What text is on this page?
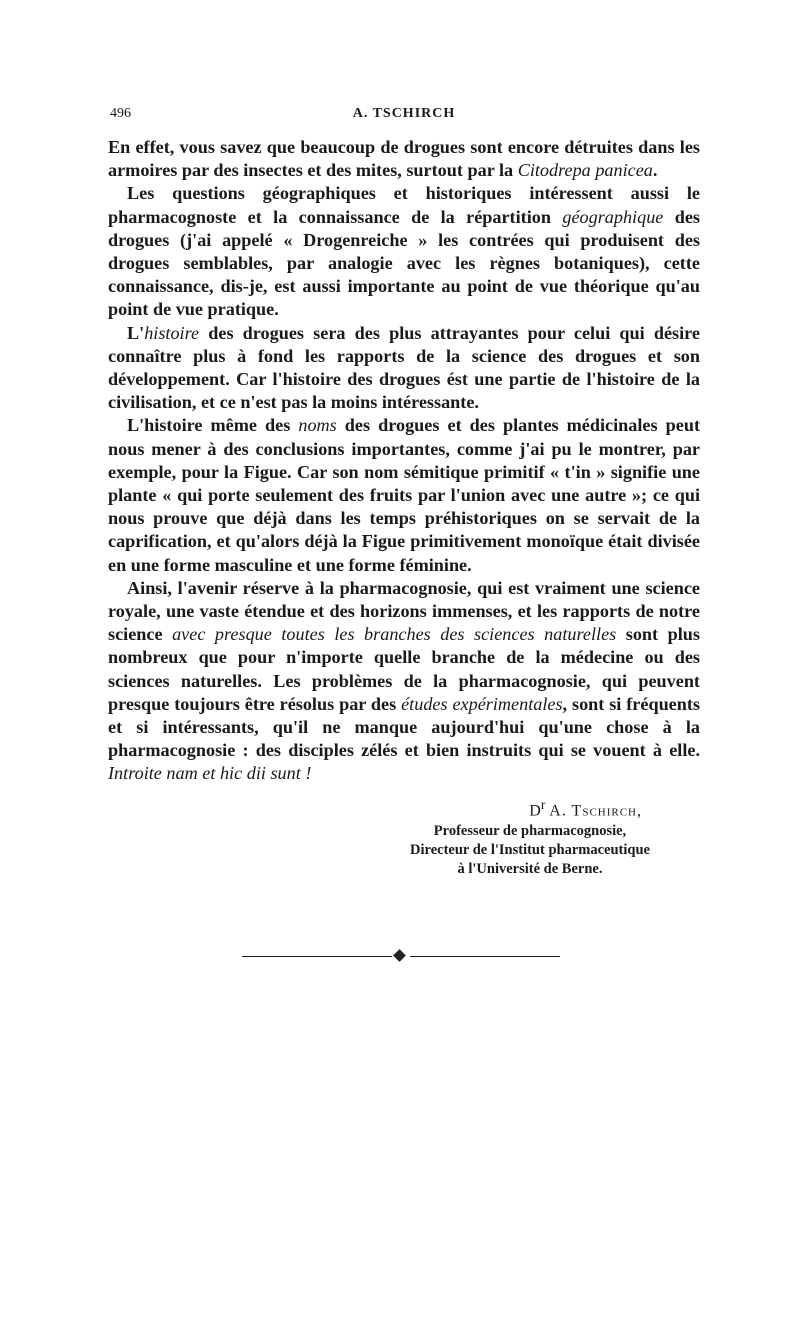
496	A. TSCHIRCH

En effet, vous savez que beaucoup de drogues sont encore détruites dans les armoires par des insectes et des mites, surtout par la Citodrepa panicea.

Les questions géographiques et historiques intéressent aussi le pharmacognoste et la connaissance de la répartition géographique des drogues (j'ai appelé « Drogenreiche » les contrées qui produisent des drogues semblables, par analogie avec les règnes botaniques), cette connaissance, dis-je, est aussi importante au point de vue théorique qu'au point de vue pratique.

L'histoire des drogues sera des plus attrayantes pour celui qui désire connaître plus à fond les rapports de la science des drogues et son développement. Car l'histoire des drogues ést une partie de l'histoire de la civilisation, et ce n'est pas la moins intéressante.

L'histoire même des noms des drogues et des plantes médicinales peut nous mener à des conclusions importantes, comme j'ai pu le montrer, par exemple, pour la Figue. Car son nom sémitique primitif « t'in » signifie une plante « qui porte seulement des fruits par l'union avec une autre »; ce qui nous prouve que déjà dans les temps préhistoriques on se servait de la caprification, et qu'alors déjà la Figue primitivement monoïque était divisée en une forme masculine et une forme féminine.

Ainsi, l'avenir réserve à la pharmacognosie, qui est vraiment une science royale, une vaste étendue et des horizons immenses, et les rapports de notre science avec presque toutes les branches des sciences naturelles sont plus nombreux que pour n'importe quelle branche de la médecine ou des sciences naturelles. Les problèmes de la pharmacognosie, qui peuvent presque toujours être résolus par des études expérimentales, sont si fréquents et si intéressants, qu'il ne manque aujourd'hui qu'une chose à la pharmacognosie : des disciples zélés et bien instruits qui se vouent à elle. Introite nam et hic dii sunt !

$D^r$ A. Tschirch,
Professeur de pharmacognosie,
Directeur de l'Institut pharmaceutique
à l'Université de Berne.
